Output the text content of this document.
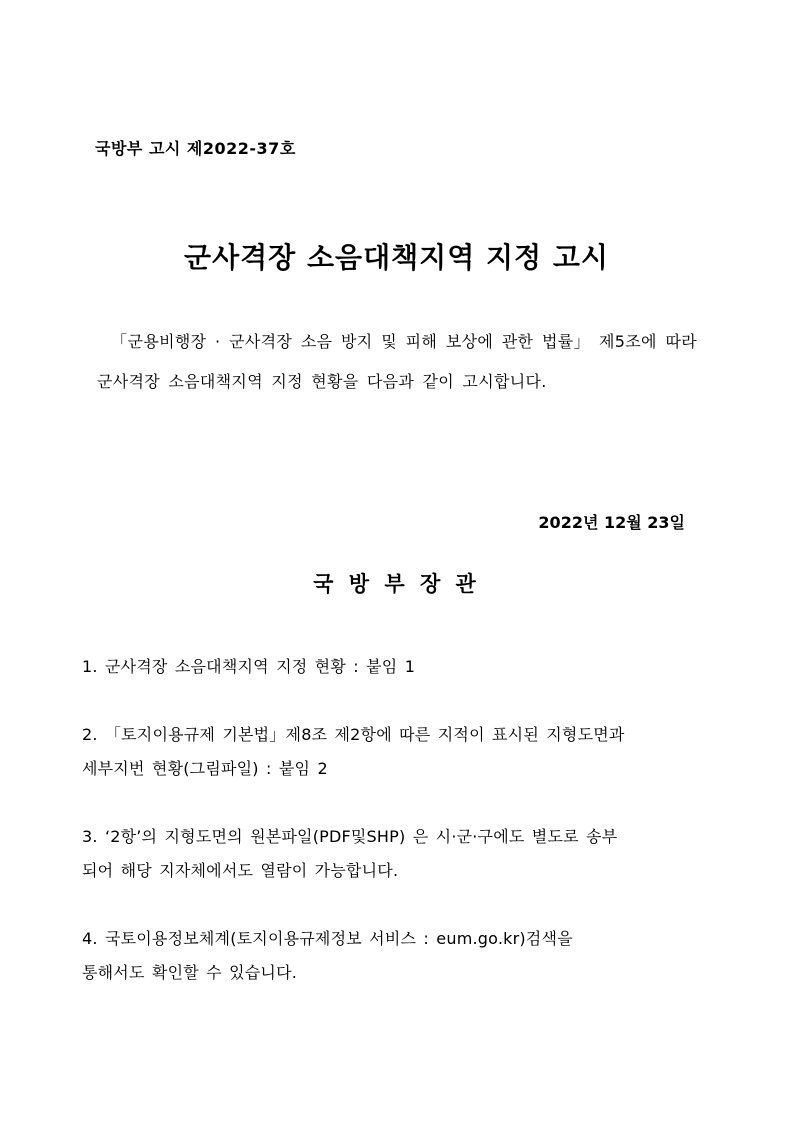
국방부 고시 제2022-37호
군사격장 소음대책지역 지정 고시

「군용비행장 · 군사격장 소음 방지 및 피해 보상에 관한 법률」 제5조에 따라 군사격장 소음대책지역 지정 현황을 다음과 같이 고시합니다.

2022년 12월 23일
국 방 부 장 관
1. 군사격장 소음대책지역 지정 현황 : 붙임 1
2. 「토지이용규제 기본법」제8조 제2항에 따른 지적이 표시된 지형도면과
세부지번 현황(그림파일) : 붙임 2
3. ‘2항’의 지형도면의 원본파일(PDF및SHP) 은 시·군·구에도 별도로 송부
되어 해당 지자체에서도 열람이 가능합니다.
4. 국토이용정보체계(토지이용규제정보 서비스 : eum.go.kr)검색을
통해서도 확인할 수 있습니다.
